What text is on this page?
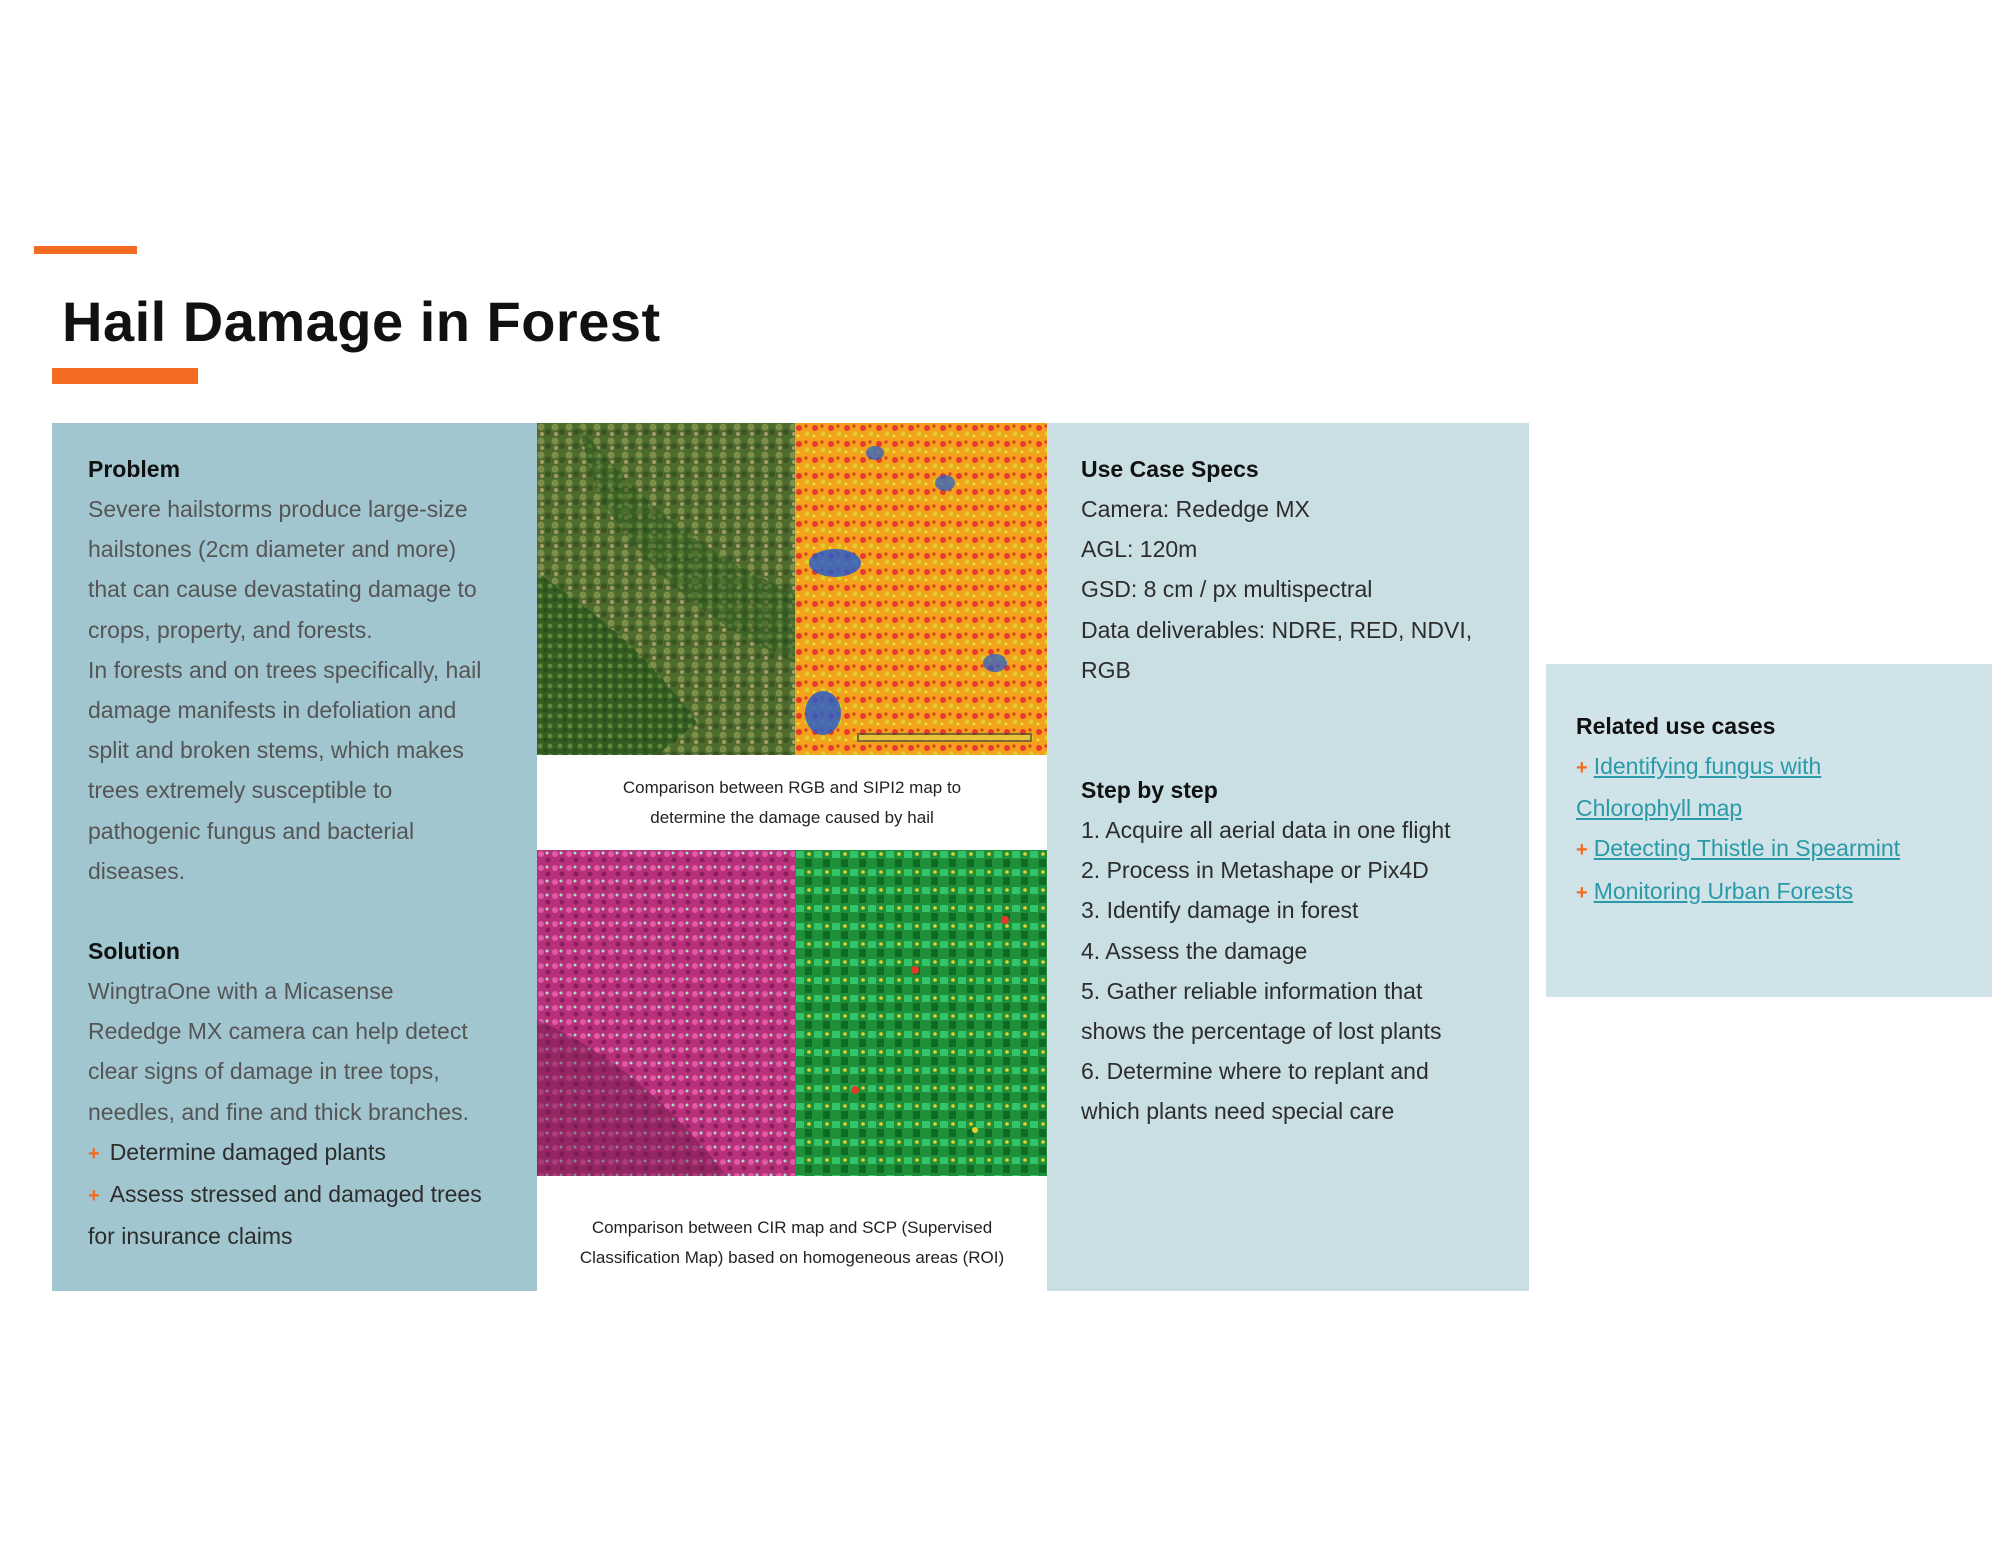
Hail Damage in Forest

Problem

Severe hailstorms produce large-size

hailstones (2cm diameter and more)

that can cause devastating damage to

crops, property, and forests.

In forests and on trees specifically, hail

damage manifests in defoliation and

split and broken stems, which makes

trees extremely susceptible to

pathogenic fungus and bacterial

diseases.

Solution

WingtraOne with a Micasense

Rededge MX camera can help detect

clear signs of damage in tree tops,

needles, and fine and thick branches.

+ Determine damaged plants

+ Assess stressed and damaged trees

for insurance claims

Comparison between RGB and SIPI2 map to

determine the damage caused by hail

Comparison between CIR map and SCP (Supervised

Classification Map) based on homogeneous areas (ROI)

Use Case Specs

Camera: Rededge MX

AGL: 120m

GSD: 8 cm / px multispectral

Data deliverables: NDRE, RED, NDVI,

RGB

Step by step

1. Acquire all aerial data in one flight

2. Process in Metashape or Pix4D

3. Identify damage in forest

4. Assess the damage

5. Gather reliable information that

shows the percentage of lost plants

6. Determine where to replant and

which plants need special care

Related use cases

+ Identifying fungus with

Chlorophyll map

+ Detecting Thistle in Spearmint

+ Monitoring Urban Forests
